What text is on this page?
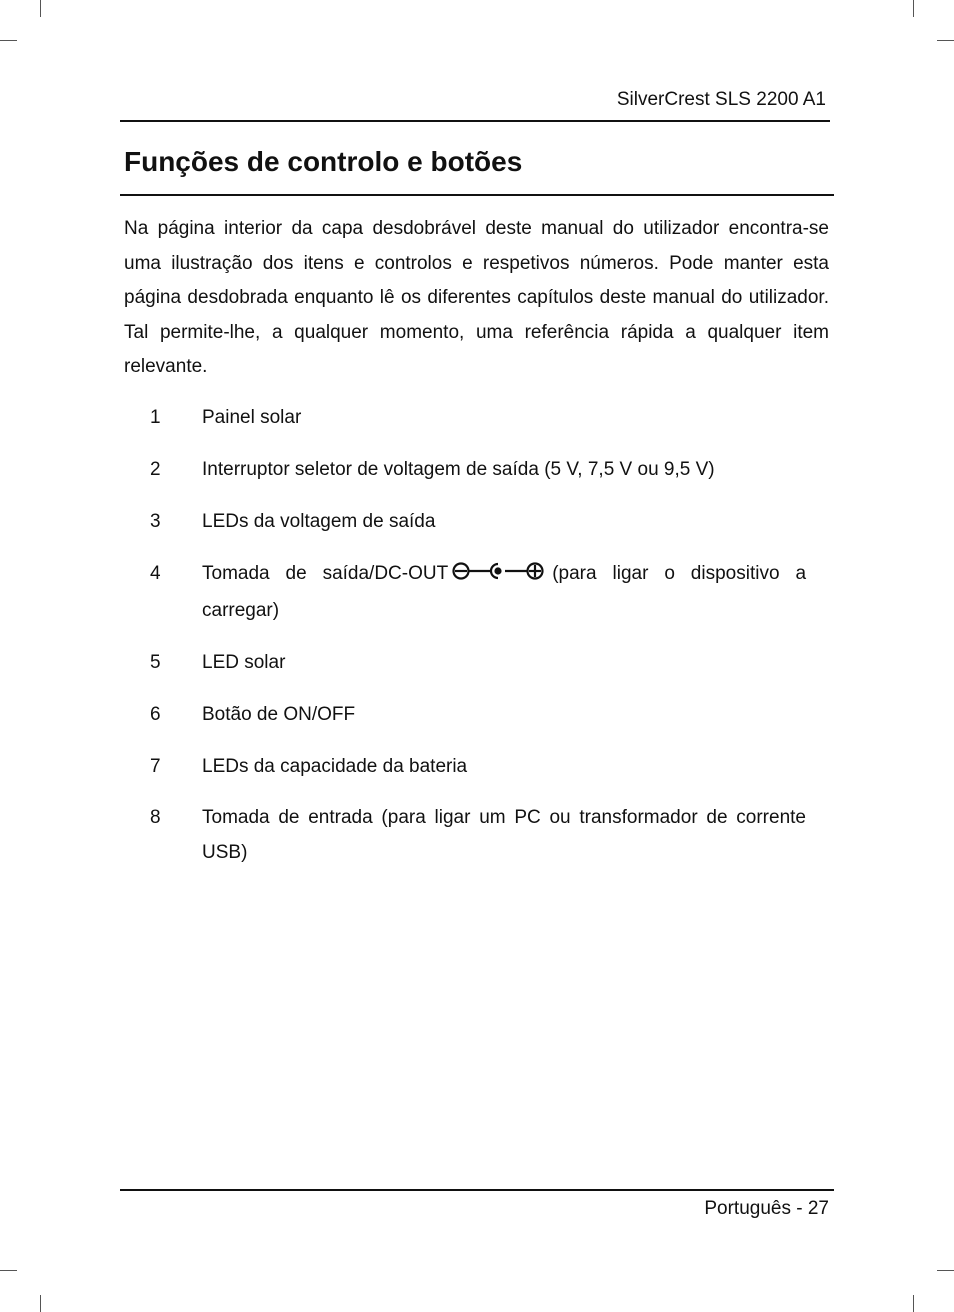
SilverCrest SLS 2200 A1
Funções de controlo e botões

Na página interior da capa desdobrável deste manual do utilizador encontra-se uma ilustração dos itens e controlos e respetivos números. Pode manter esta página desdobrada enquanto lê os diferentes capítulos deste manual do utilizador. Tal permite-lhe, a qualquer momento, uma referência rápida a qualquer item relevante.

1	Painel solar
2	Interruptor seletor de voltagem de saída (5 V, 7,5 V ou 9,5 V)
3	LEDs da voltagem de saída
4	Tomada de saída/DC-OUT	(para ligar o dispositivo a carregar)
5	LED solar
6	Botão de ON/OFF
7	LEDs da capacidade da bateria
8	Tomada de entrada (para ligar um PC ou transformador de corrente USB)
Português - 27
